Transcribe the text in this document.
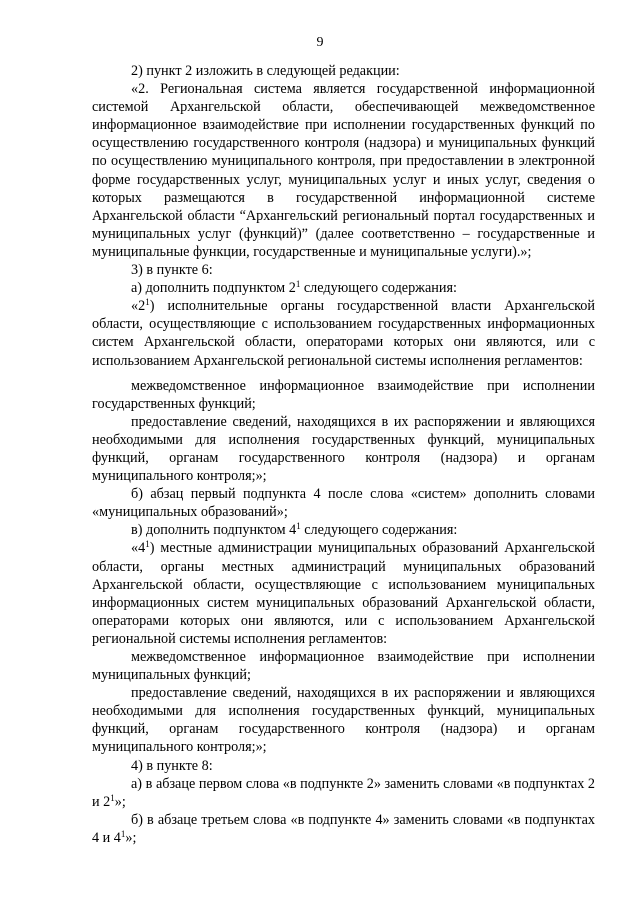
9

2) пункт 2 изложить в следующей редакции:

«2. Региональная система является государственной информационной системой Архангельской области, обеспечивающей межведомственное информационное взаимодействие при исполнении государственных функций по осуществлению государственного контроля (надзора) и муниципальных функций по осуществлению муниципального контроля, при предоставлении в электронной форме государственных услуг, муниципальных услуг и иных услуг, сведения о которых размещаются в государственной информационной системе Архангельской области “Архангельский региональный портал государственных и муниципальных услуг (функций)” (далее соответственно – государственные и муниципальные функции, государственные и муниципальные услуги).»;

3) в пункте 6:

а) дополнить подпунктом $2^1$ следующего содержания:

«$2^1$) исполнительные органы государственной власти Архангельской области, осуществляющие с использованием государственных информационных систем Архангельской области, операторами которых они являются, или с использованием Архангельской региональной системы исполнения регламентов:

межведомственное информационное взаимодействие при исполнении государственных функций;

предоставление сведений, находящихся в их распоряжении и являющихся необходимыми для исполнения государственных функций, муниципальных функций, органам государственного контроля (надзора) и органам муниципального контроля;»;

б) абзац первый подпункта 4 после слова «систем» дополнить словами «муниципальных образований»;

в) дополнить подпунктом $4^1$ следующего содержания:

«$4^1$) местные администрации муниципальных образований Архангельской области, органы местных администраций муниципальных образований Архангельской области, осуществляющие с использованием муниципальных информационных систем муниципальных образований Архангельской области, операторами которых они являются, или с использованием Архангельской региональной системы исполнения регламентов:

межведомственное информационное взаимодействие при исполнении муниципальных функций;

предоставление сведений, находящихся в их распоряжении и являющихся необходимыми для исполнения государственных функций, муниципальных функций, органам государственного контроля (надзора) и органам муниципального контроля;»;

4) в пункте 8:

а) в абзаце первом слова «в подпункте 2» заменить словами «в подпунктах 2 и $2^1$»;

б) в абзаце третьем слова «в подпункте 4» заменить словами «в подпунктах 4 и $4^1$»;
